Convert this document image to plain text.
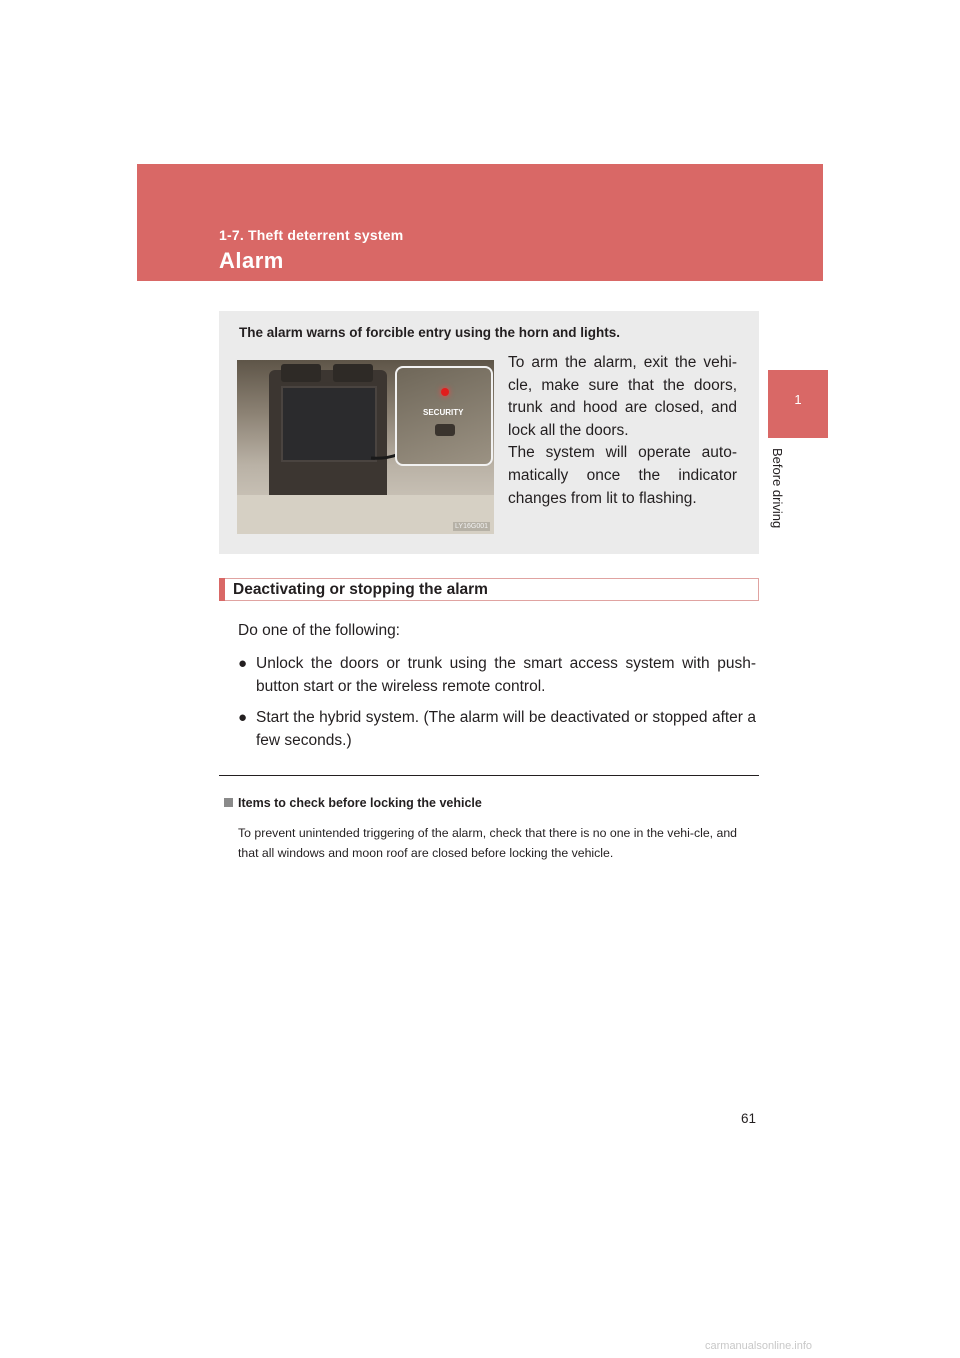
1-7. Theft deterrent system
Alarm
1
Before driving
The alarm warns of forcible entry using the horn and lights.
SECURITY
LY16G001

To arm the alarm, exit the vehi-cle, make sure that the doors, trunk and hood are closed, and lock all the doors.

The system will operate auto-matically once the indicator changes from lit to flashing.

Deactivating or stopping the alarm
Do one of the following:
● Unlock the doors or trunk using the smart access system with push-button start or the wireless remote control.
● Start the hybrid system. (The alarm will be deactivated or stopped after a few seconds.)
Items to check before locking the vehicle
To prevent unintended triggering of the alarm, check that there is no one in the vehi-cle, and that all windows and moon roof are closed before locking the vehicle.
61
carmanualsonline.info
